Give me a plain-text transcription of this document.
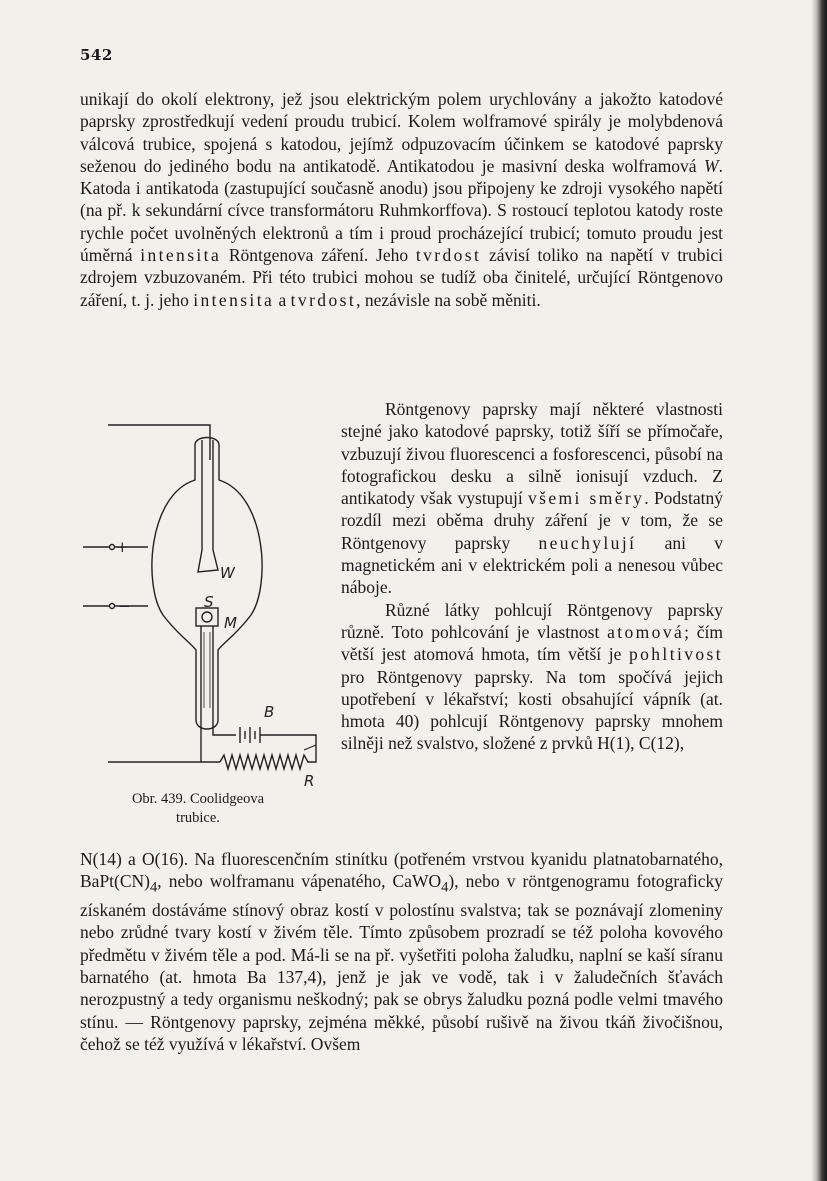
542

unikají do okolí elektrony, jež jsou elektrickým polem urychlovány a jakožto katodové paprsky zprostředkují vedení proudu trubicí. Kolem wolframové spirály je molybdenová válcová trubice, spojená s katodou, jejímž odpuzovacím účinkem se katodové paprsky seženou do jediného bodu na antikatodě. Antikatodou je masivní deska wolframová W. Katoda i antikatoda (zastupující současně anodu) jsou připojeny ke zdroji vysokého napětí (na př. k sekundární cívce transformátoru Ruhmkorffova). S rostoucí teplotou katody roste rychle počet uvolněných elektronů a tím i proud procházející trubicí; tomuto proudu jest úměrná intensita Röntgenova záření. Jeho tvrdost závisí toliko na napětí v trubici zdrojem vzbuzovaném. Při této trubici mohou se tudíž oba činitelé, určující Röntgenovo záření, t. j. jeho intensita a tvrdost, nezávisle na sobě měniti.

Röntgenovy paprsky mají některé vlastnosti stejné jako katodové paprsky, totiž šíří se přímočaře, vzbuzují živou fluorescenci a fosforescenci, působí na fotografickou desku a silně ionisují vzduch. Z antikatody však vystupují všemi směry. Podstatný rozdíl mezi oběma druhy záření je v tom, že se Röntgenovy paprsky neuchylují ani v magnetickém ani v elektrickém poli a nenesou vůbec náboje.

Různé látky pohlcují Röntgenovy paprsky různě. Toto pohlcování je vlastnost atomová; čím větší jest atomová hmota, tím větší je pohltivost pro Röntgenovy paprsky. Na tom spočívá jejich upotřebení v lékařství; kosti obsahující vápník (at. hmota 40) pohlcují Röntgenovy paprsky mnohem silněji než svalstvo, složené z prvků H(1), C(12),

+
−
W
S
M
B
R
Obr. 439. Coolidgeova
trubice.

N(14) a O(16). Na fluorescenčním stinítku (potřeném vrstvou kyanidu platnatobarnatého, $BaPt(CN)_4$, nebo wolframanu vápenatého, CaWO$_4$), nebo v röntgenogramu fotograficky získaném dostáváme stínový obraz kostí v polostínu svalstva; tak se poznávají zlomeniny nebo zrůdné tvary kostí v živém těle. Tímto způsobem prozradí se též poloha kovového předmětu v živém těle a pod. Má-li se na př. vyšetřiti poloha žaludku, naplní se kaší síranu barnatého (at. hmota Ba 137,4), jenž je jak ve vodě, tak i v žaludečních šťavách nerozpustný a tedy organismu neškodný; pak se obrys žaludku pozná podle velmi tmavého stínu. — Röntgenovy paprsky, zejména měkké, působí rušivě na živou tkáň živočišnou, čehož se též využívá v lékařství. Ovšem
